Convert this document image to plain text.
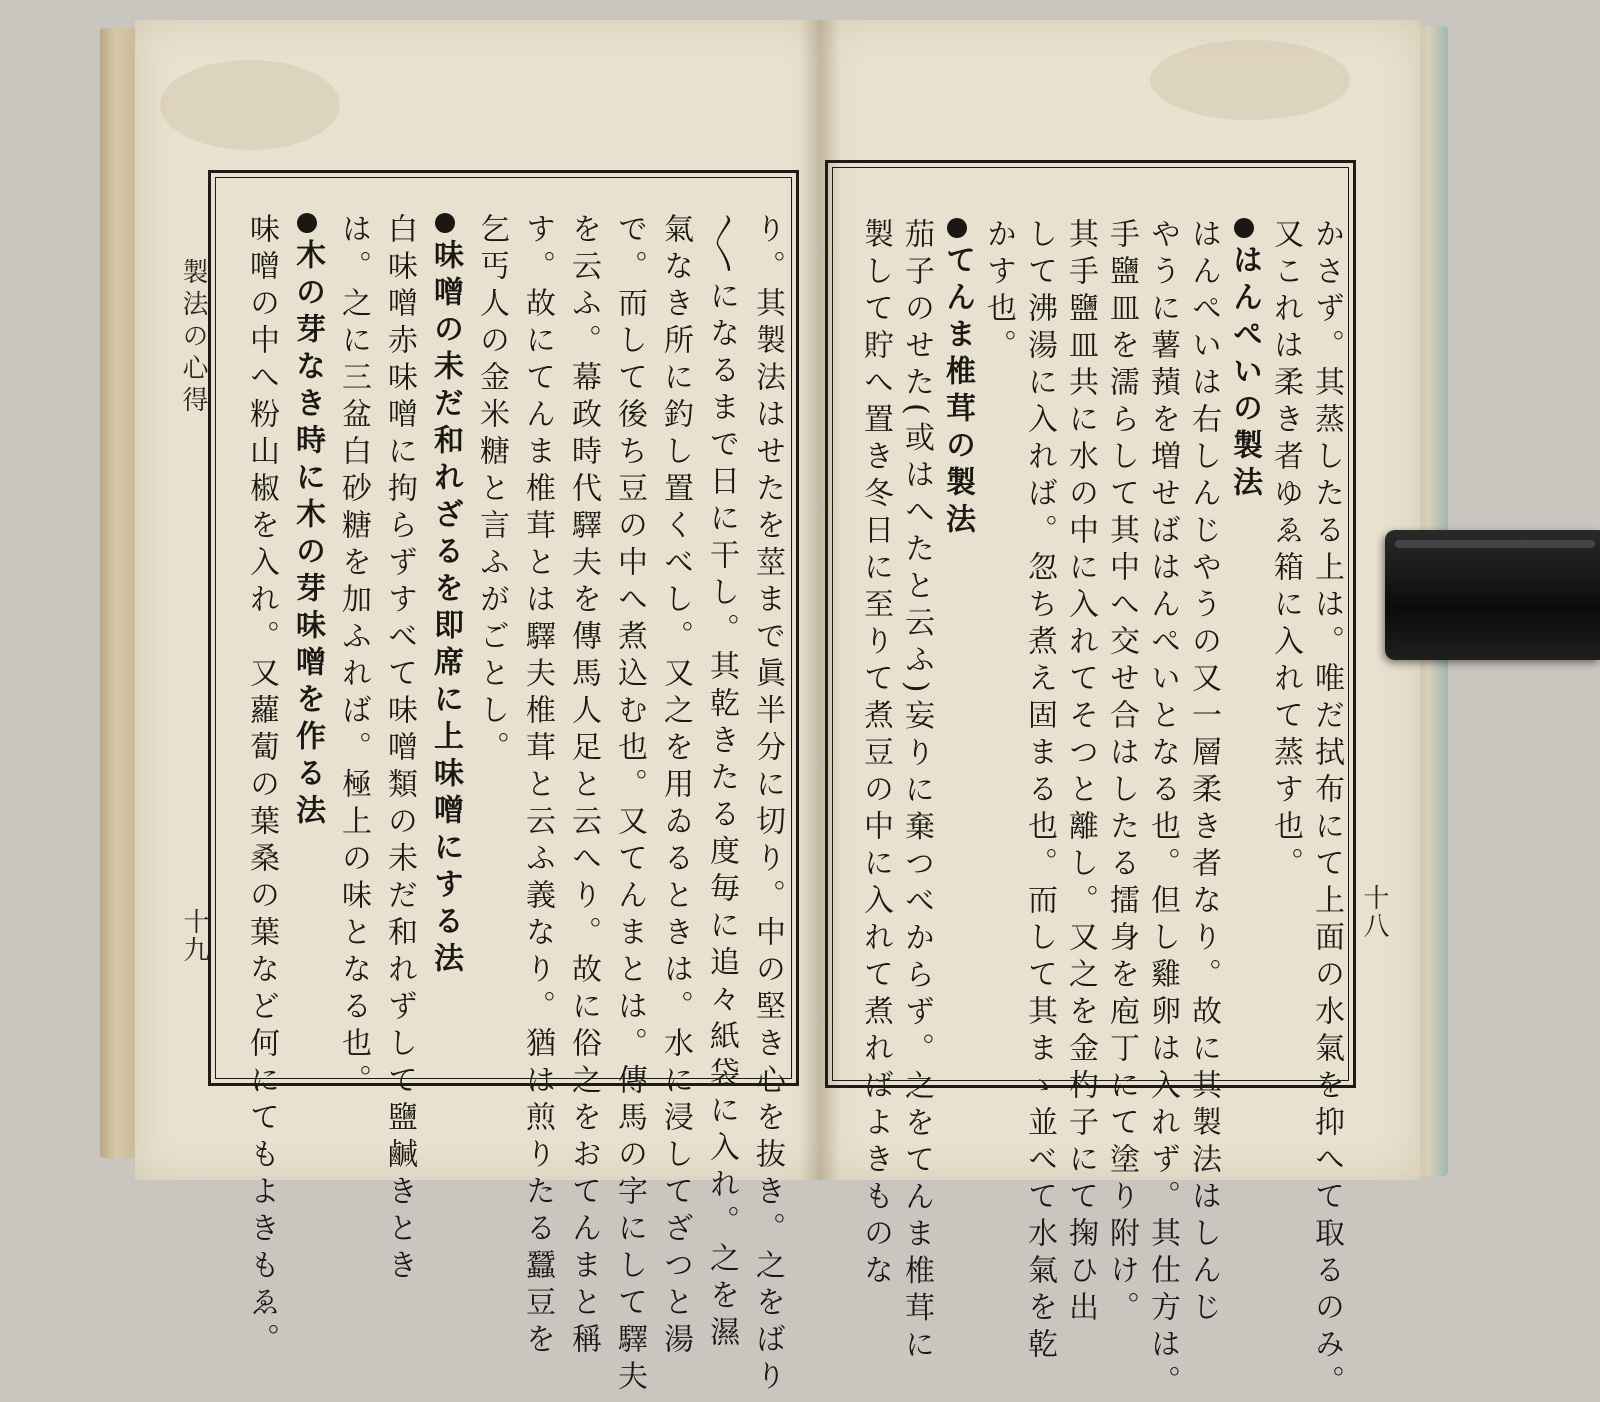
製法の心得
十九	十八
かさず。其蒸したる上は。唯だ拭布にて上面の水氣を抑へて取るのみ。
又これは柔き者ゆゑ箱に入れて蒸す也。
はんぺいの製法
はんぺいは右しんじやうの又一層柔き者なり。故に其製法はしんじ
やうに薯蕷を増せばはんぺいとなる也。但し雞卵は入れず。其仕方は。
手鹽皿を濡らして其中へ交せ合はしたる擂身を庖丁にて塗り附け。
其手鹽皿共に水の中に入れてそつと離し。又之を金杓子にて掬ひ出
して沸湯に入れば。忽ち煮え固まる也。而して其まゝ並べて水氣を乾
かす也。
てんま椎茸の製法
茄子のせた(或はへたと云ふ)妄りに棄つべからず。之をてんま椎茸に
製して貯へ置き冬日に至りて煮豆の中に入れて煮ればよきものな
り。其製法はせたを莖まで眞半分に切り。中の堅き心を抜き。之をばり
〳〵になるまで日に干し。其乾きたる度毎に追々紙袋に入れ。之を濕
氣なき所に釣し置くべし。又之を用ゐるときは。水に浸してざつと湯
で。而して後ち豆の中へ煮込む也。又てんまとは。傳馬の字にして驛夫
を云ふ。幕政時代驛夫を傳馬人足と云へり。故に俗之をおてんまと稱
す。故にてんま椎茸とは驛夫椎茸と云ふ義なり。猶は煎りたる蠶豆を
乞丐人の金米糖と言ふがごとし。
味噌の未だ和れざるを即席に上味噌にする法
白味噌赤味噌に拘らずすべて味噌類の未だ和れずして鹽鹹きとき
は。之に三盆白砂糖を加ふれば。極上の味となる也。
木の芽なき時に木の芽味噌を作る法
味噌の中へ粉山椒を入れ。又蘿蔔の葉桑の葉など何にてもよきもゑ。
